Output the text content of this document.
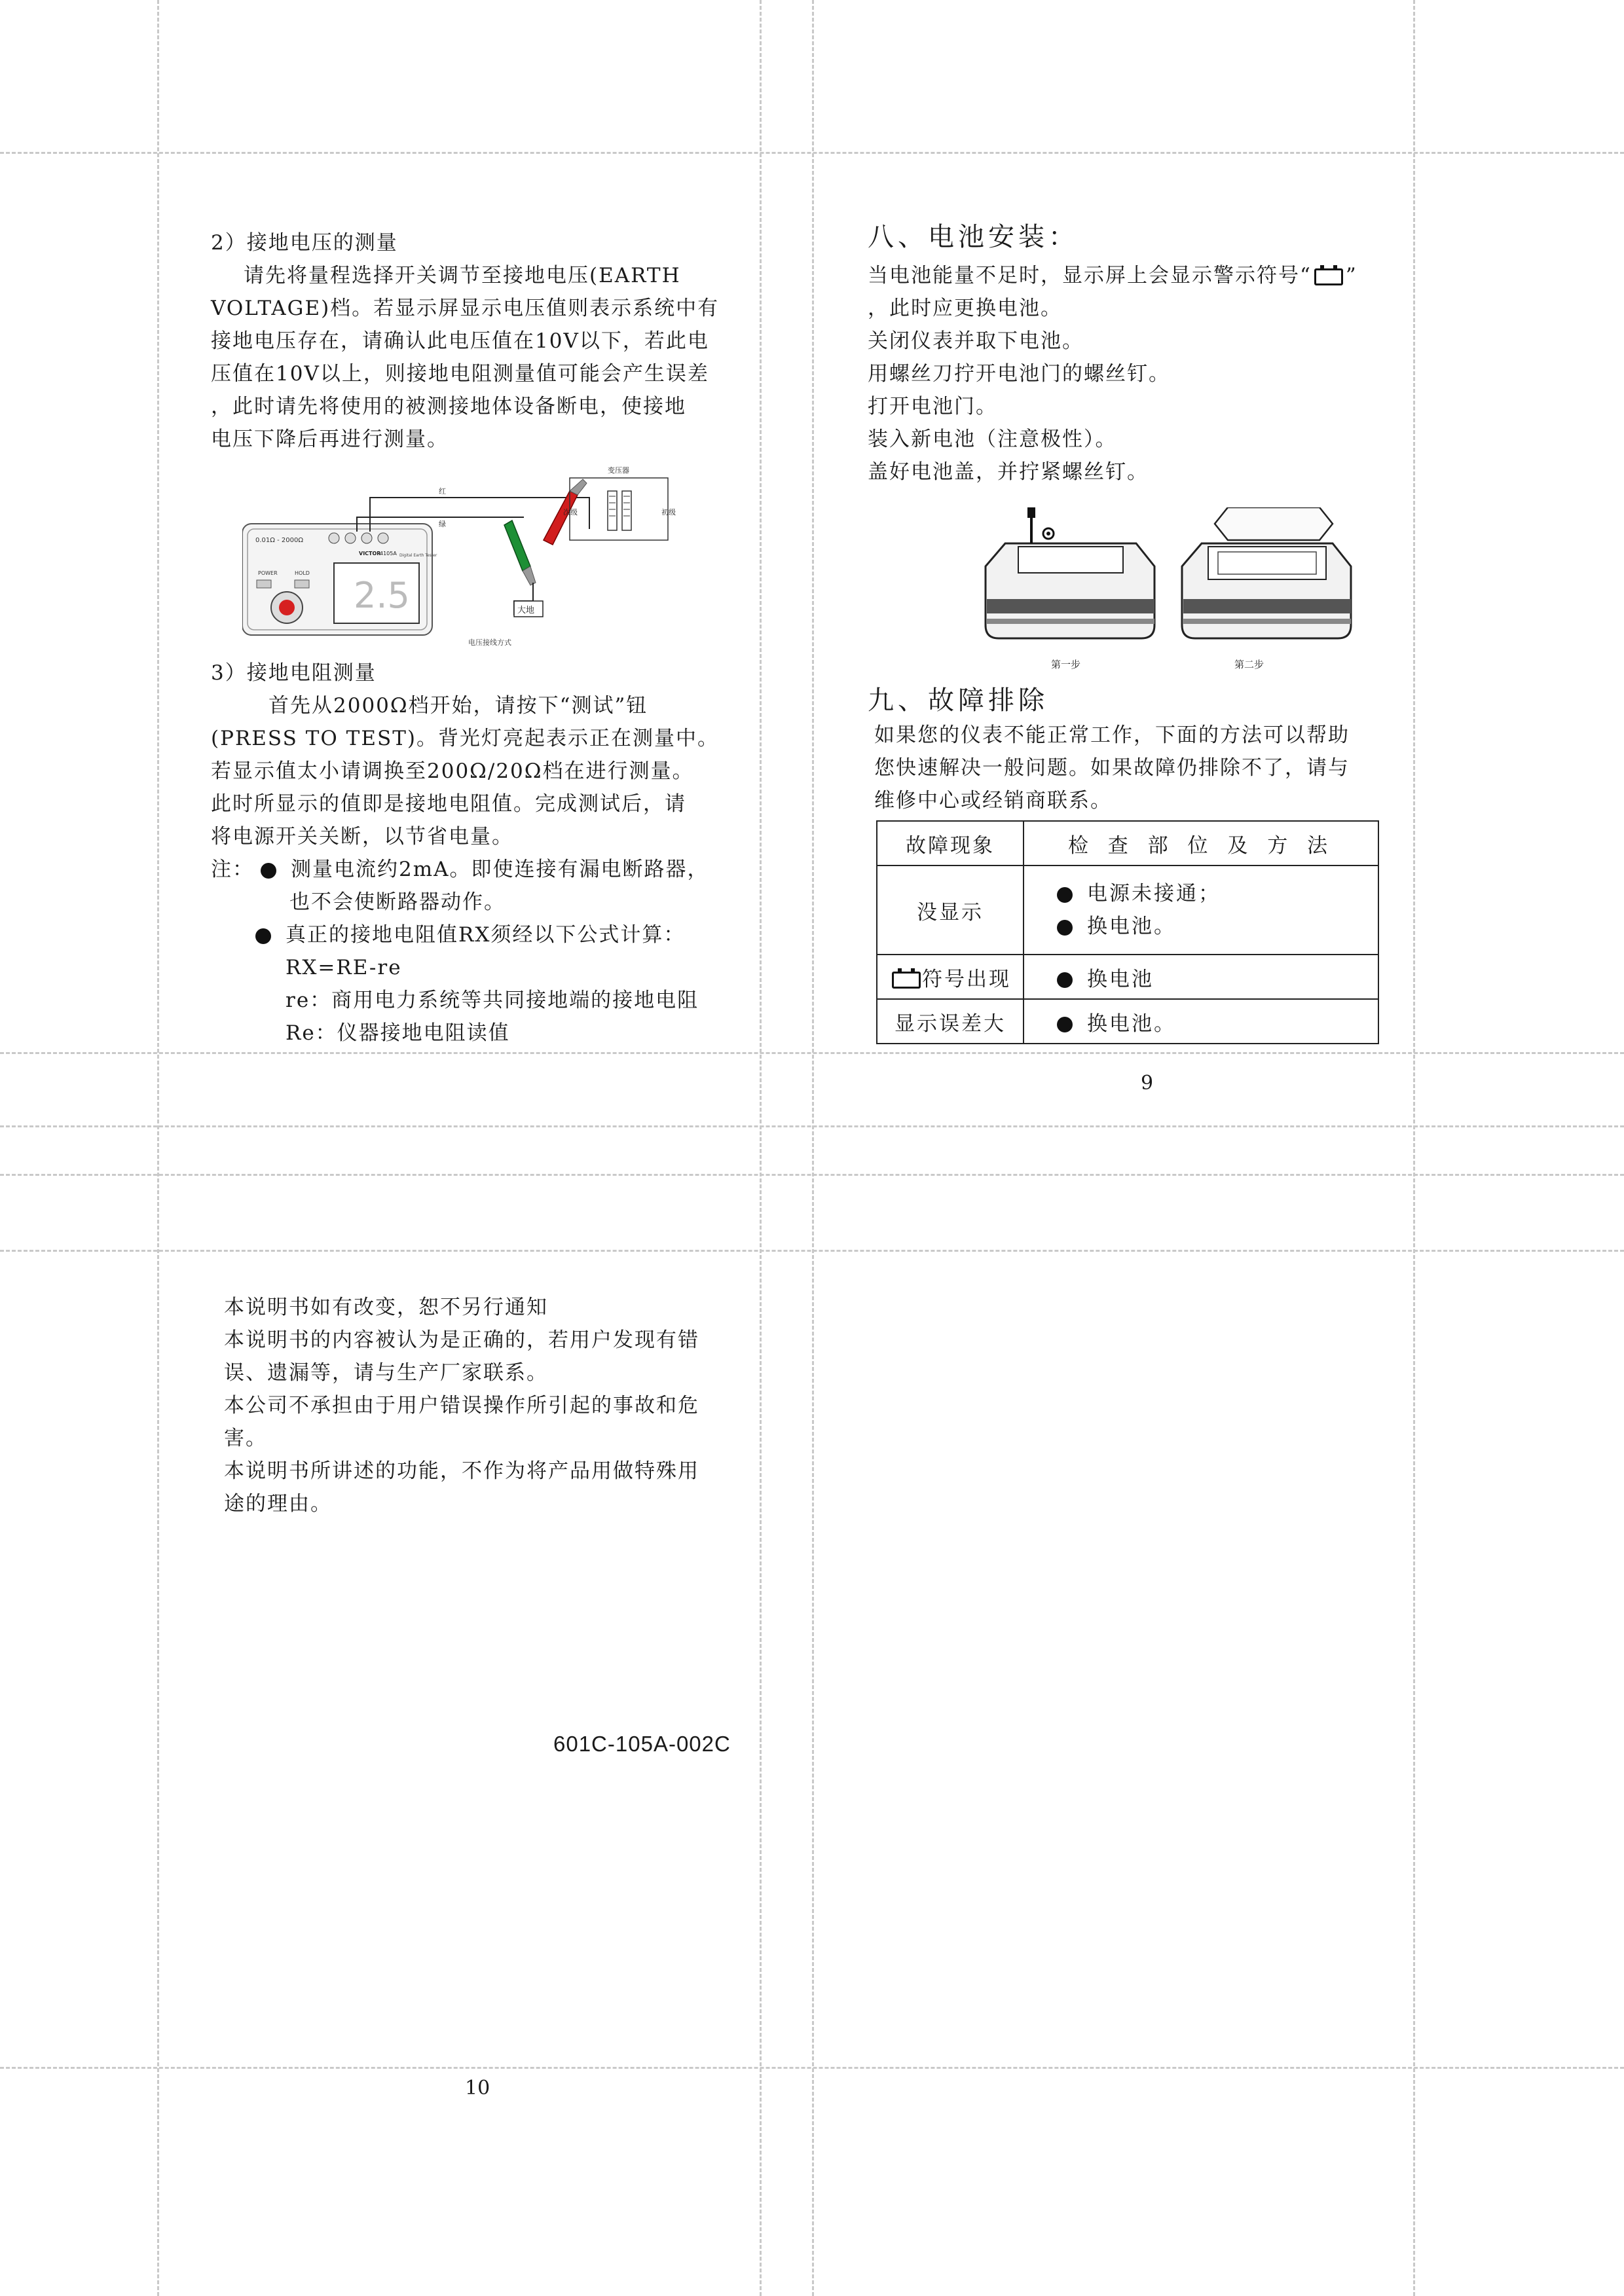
2）接地电压的测量
请先将量程选择开关调节至接地电压(EARTH
VOLTAGE)档。若显示屏显示电压值则表示系统中有
接地电压存在，请确认此电压值在10V以下，若此电
压值在10V以上，则接地电阻测量值可能会产生误差
，此时请先将使用的被测接地体设备断电，使接地
电压下降后再进行测量。
0.01Ω - 2000Ω
VICTOR
4105A Digital Earth Tester
POWER	HOLD
2.5
红
绿
大地
变压器
次级	初级
电压接线方式
3）接地电阻测量
首先从2000Ω档开始，请按下“测试”钮
(PRESS TO TEST)。背光灯亮起表示正在测量中。
若显示值太小请调换至200Ω/20Ω档在进行测量。
此时所显示的值即是接地电阻值。完成测试后，请
将电源开关关断，以节省电量。
注： 测量电流约2mA。即使连接有漏电断路器，
也不会使断路器动作。
真正的接地电阻值RX须经以下公式计算：
RX=RE-re
re：商用电力系统等共同接地端的接地电阻
Re：仪器接地电阻读值
八、电池安装：
当电池能量不足时，显示屏上会显示警示符号“ ”
，此时应更换电池。
关闭仪表并取下电池。
用螺丝刀拧开电池门的螺丝钉。
打开电池门。
装入新电池（注意极性）。
盖好电池盖，并拧紧螺丝钉。
第一步	第二步
九、故障排除
如果您的仪表不能正常工作，下面的方法可以帮助
您快速解决一般问题。如果故障仍排除不了，请与
维修中心或经销商联系。
故障现象	检 查 部 位 及 方 法
没显示	电源未接通；
换电池。

符号出现	换电池
显示误差大	换电池。
9
本说明书如有改变，恕不另行通知
本说明书的内容被认为是正确的，若用户发现有错
误、遗漏等，请与生产厂家联系。
本公司不承担由于用户错误操作所引起的事故和危
害。
本说明书所讲述的功能，不作为将产品用做特殊用
途的理由。
601C-105A-002C
10
